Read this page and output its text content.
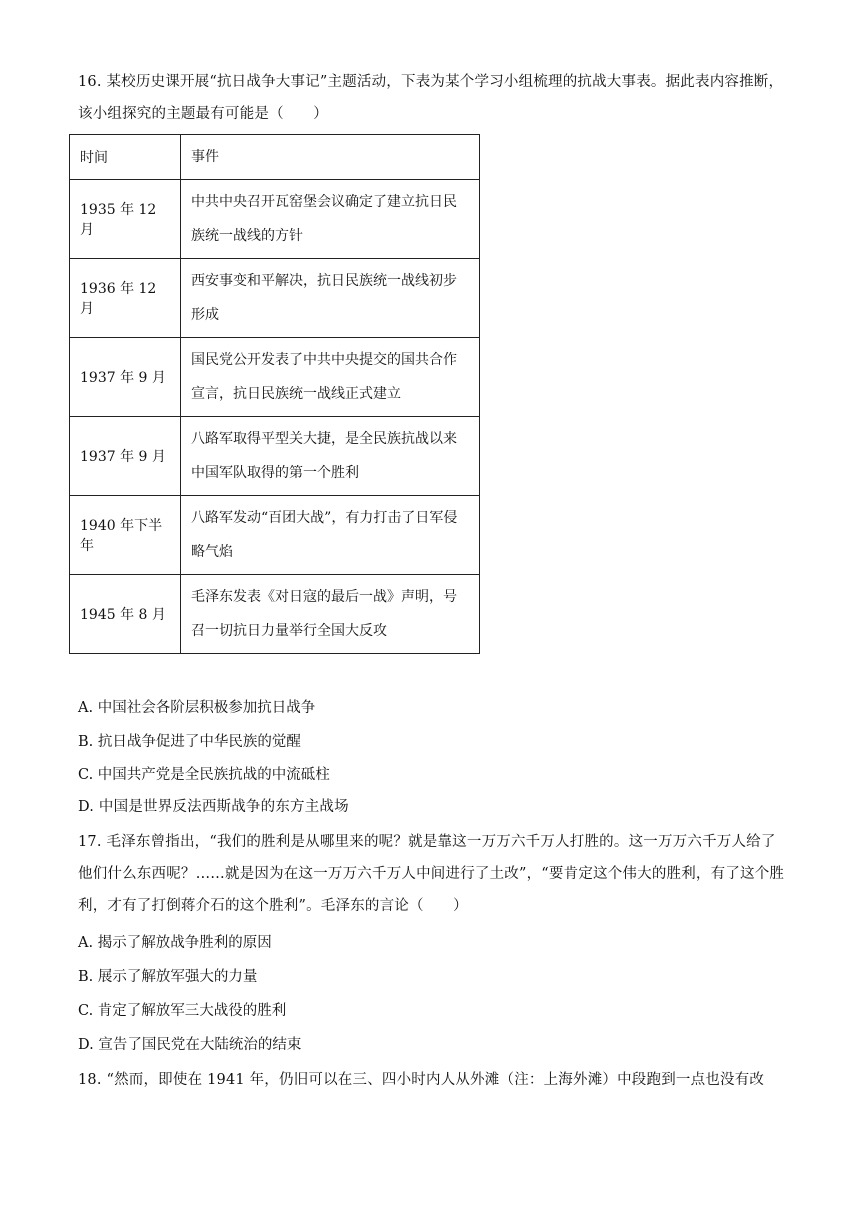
16. 某校历史课开展“抗日战争大事记”主题活动，下表为某个学习小组梳理的抗战大事表。据此表内容推断，该小组探究的主题最有可能是（　　）
时间	事件
1935 年 12 月	中共中央召开瓦窑堡会议确定了建立抗日民族统一战线的方针
1936 年 12 月	西安事变和平解决，抗日民族统一战线初步形成
1937 年 9 月	国民党公开发表了中共中央提交的国共合作宣言，抗日民族统一战线正式建立
1937 年 9 月	八路军取得平型关大捷，是全民族抗战以来中国军队取得的第一个胜利
1940 年下半年	八路军发动“百团大战”，有力打击了日军侵略气焰
1945 年 8 月	毛泽东发表《对日寇的最后一战》声明，号召一切抗日力量举行全国大反攻
A. 中国社会各阶层积极参加抗日战争
B. 抗日战争促进了中华民族的觉醒
C. 中国共产党是全民族抗战的中流砥柱
D. 中国是世界反法西斯战争的东方主战场
17. 毛泽东曾指出，“我们的胜利是从哪里来的呢？就是靠这一万万六千万人打胜的。这一万万六千万人给了他们什么东西呢？……就是因为在这一万万六千万人中间进行了土改”，“要肯定这个伟大的胜利，有了这个胜利，才有了打倒蒋介石的这个胜利”。毛泽东的言论（　　）
A. 揭示了解放战争胜利的原因
B. 展示了解放军强大的力量
C. 肯定了解放军三大战役的胜利
D. 宣告了国民党在大陆统治的结束
18. “然而，即使在 1941 年，仍旧可以在三、四小时内人从外滩（注：上海外滩）中段跑到一点也没有改
